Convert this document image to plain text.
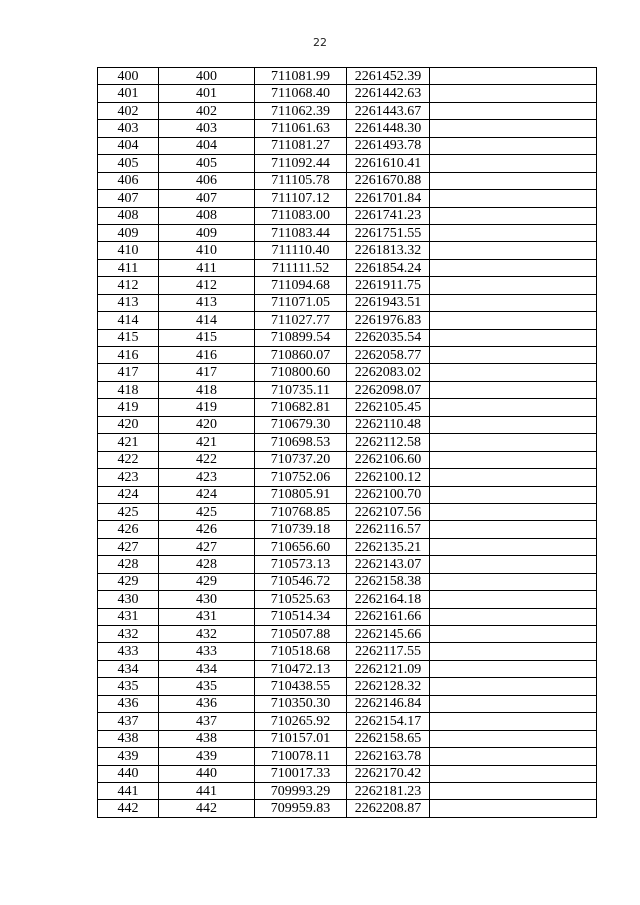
22
400	400	711081.99	2261452.39	
401	401	711068.40	2261442.63	
402	402	711062.39	2261443.67	
403	403	711061.63	2261448.30	
404	404	711081.27	2261493.78	
405	405	711092.44	2261610.41	
406	406	711105.78	2261670.88	
407	407	711107.12	2261701.84	
408	408	711083.00	2261741.23	
409	409	711083.44	2261751.55	
410	410	711110.40	2261813.32	
411	411	711111.52	2261854.24	
412	412	711094.68	2261911.75	
413	413	711071.05	2261943.51	
414	414	711027.77	2261976.83	
415	415	710899.54	2262035.54	
416	416	710860.07	2262058.77	
417	417	710800.60	2262083.02	
418	418	710735.11	2262098.07	
419	419	710682.81	2262105.45	
420	420	710679.30	2262110.48	
421	421	710698.53	2262112.58	
422	422	710737.20	2262106.60	
423	423	710752.06	2262100.12	
424	424	710805.91	2262100.70	
425	425	710768.85	2262107.56	
426	426	710739.18	2262116.57	
427	427	710656.60	2262135.21	
428	428	710573.13	2262143.07	
429	429	710546.72	2262158.38	
430	430	710525.63	2262164.18	
431	431	710514.34	2262161.66	
432	432	710507.88	2262145.66	
433	433	710518.68	2262117.55	
434	434	710472.13	2262121.09	
435	435	710438.55	2262128.32	
436	436	710350.30	2262146.84	
437	437	710265.92	2262154.17	
438	438	710157.01	2262158.65	
439	439	710078.11	2262163.78	
440	440	710017.33	2262170.42	
441	441	709993.29	2262181.23	
442	442	709959.83	2262208.87	
